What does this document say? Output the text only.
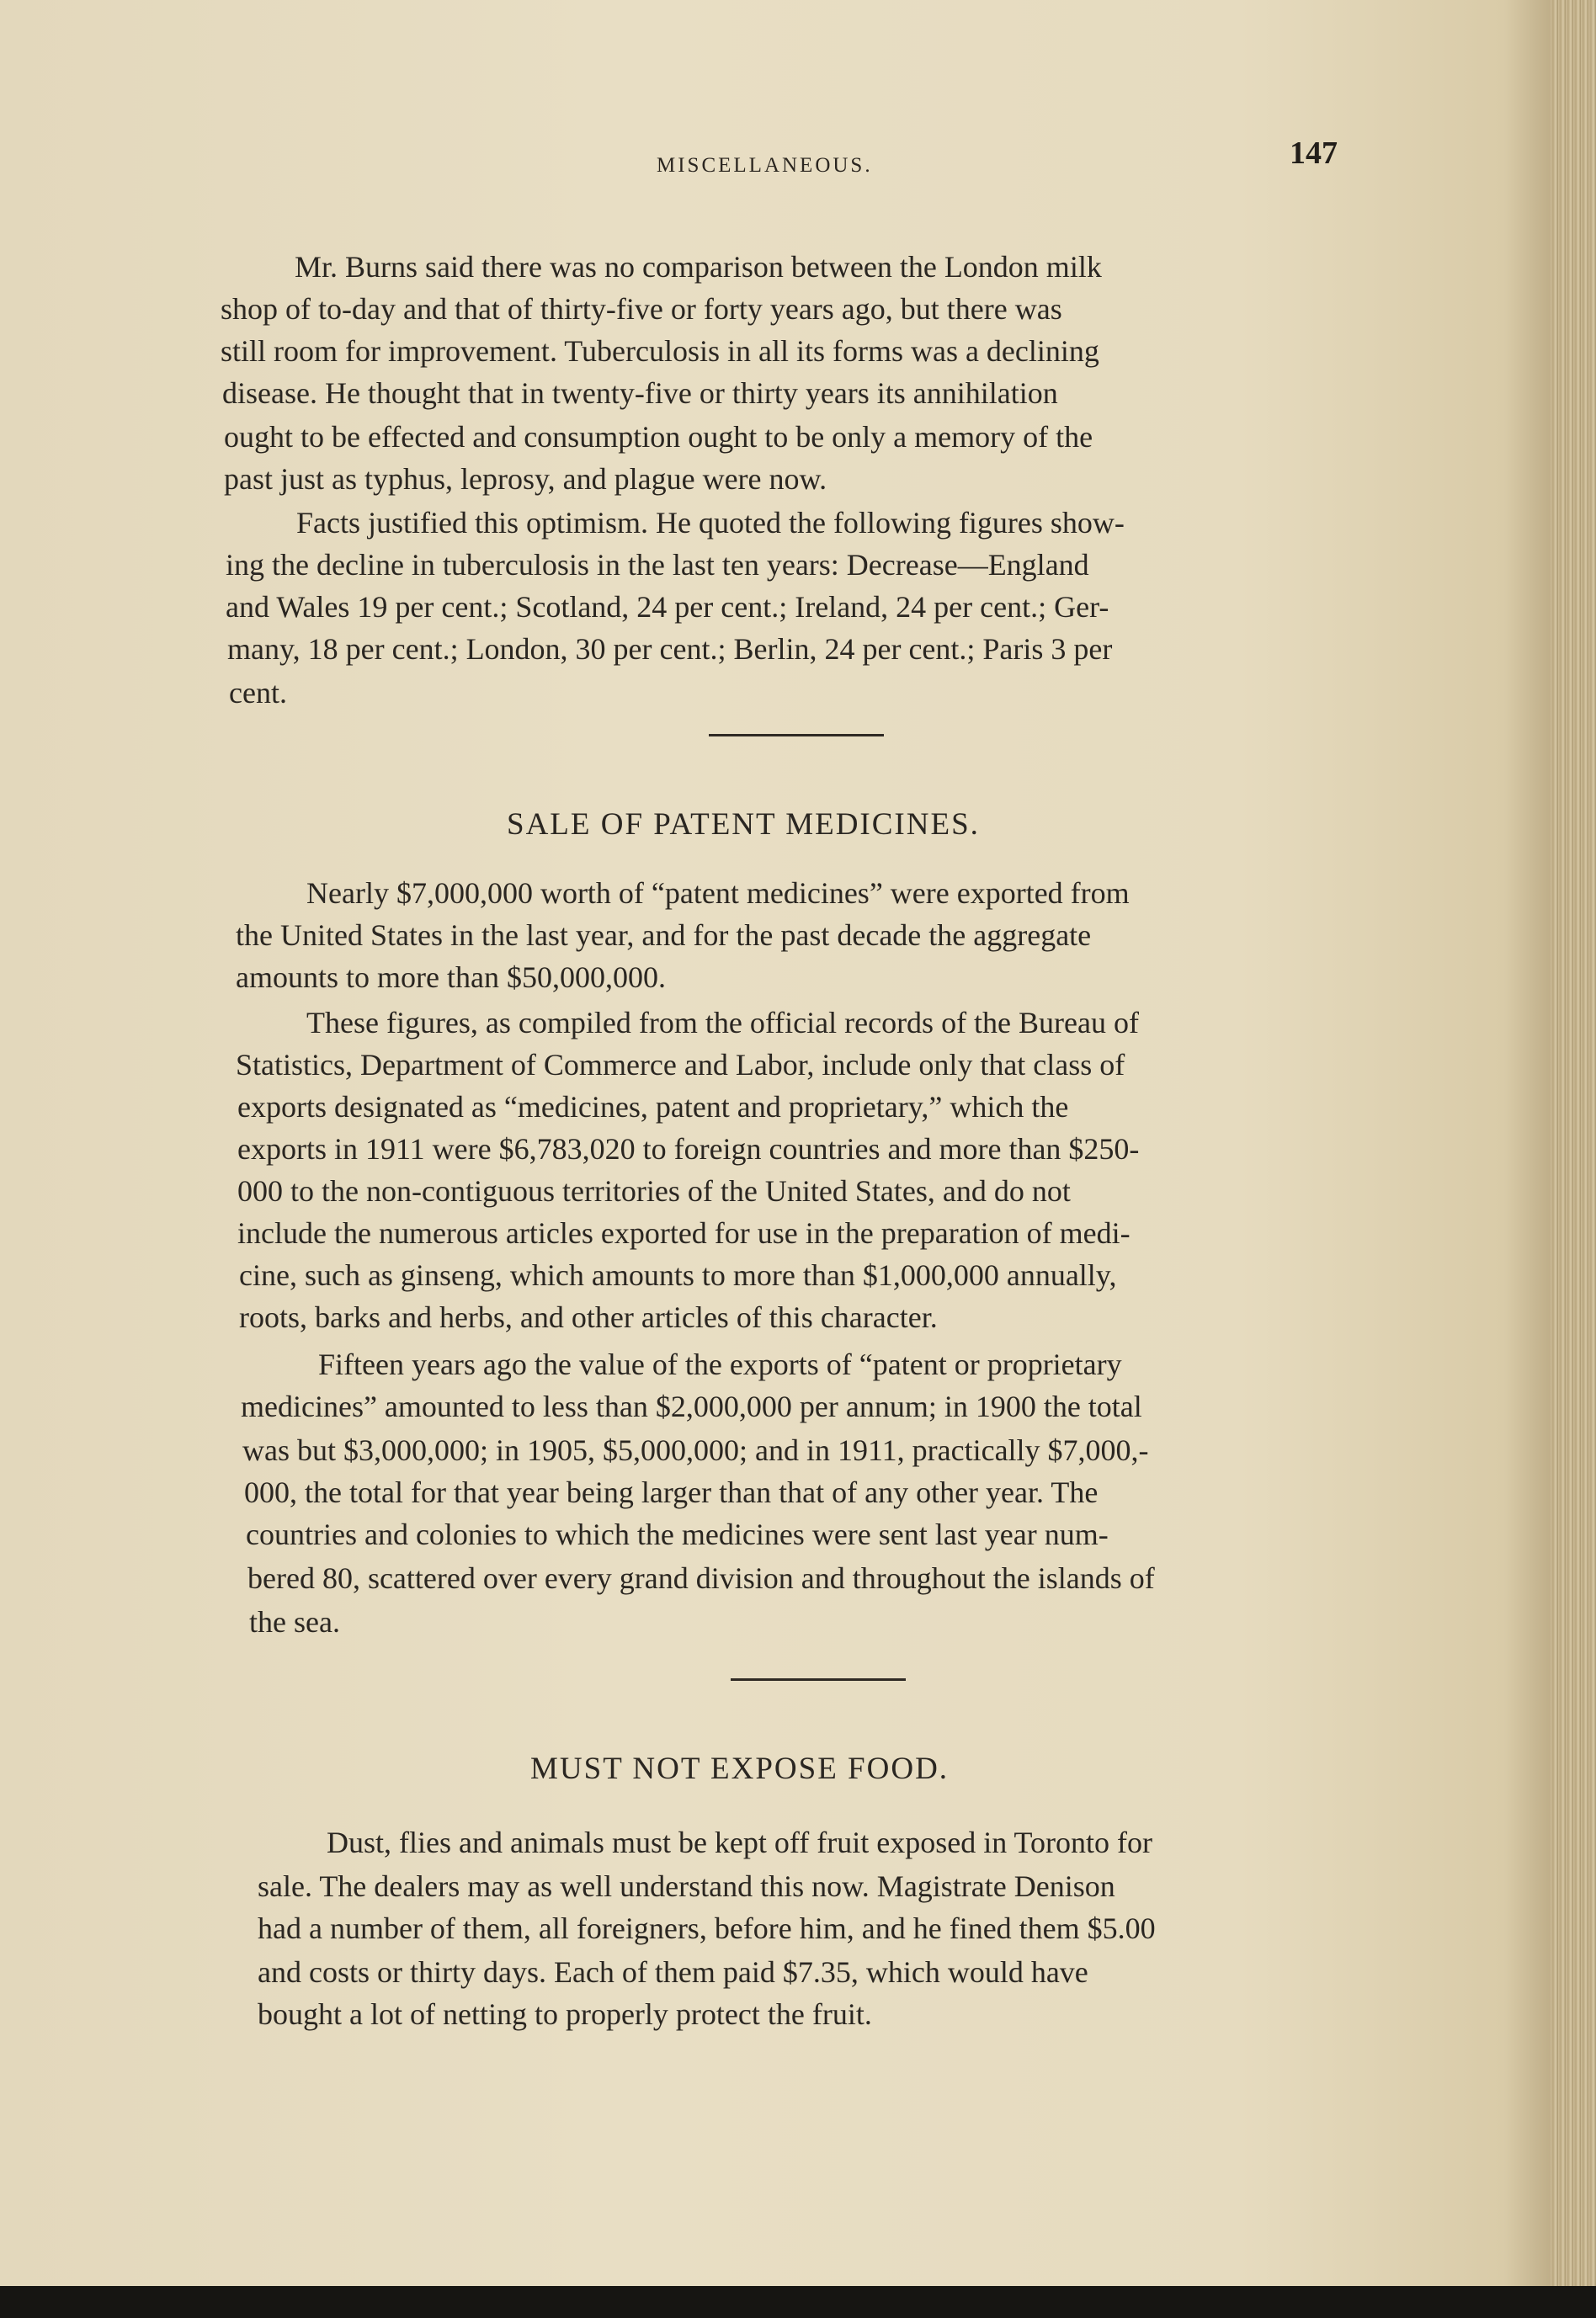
MISCELLANEOUS.	147
Mr. Burns said there was no comparison between the London milk
shop of to-day and that of thirty-five or forty years ago, but there was
still room for improvement. Tuberculosis in all its forms was a declining
disease. He thought that in twenty-five or thirty years its annihilation
ought to be effected and consumption ought to be only a memory of the
past just as typhus, leprosy, and plague were now.
Facts justified this optimism. He quoted the following figures show-
ing the decline in tuberculosis in the last ten years: Decrease—England
and Wales 19 per cent.; Scotland, 24 per cent.; Ireland, 24 per cent.; Ger-
many, 18 per cent.; London, 30 per cent.; Berlin, 24 per cent.; Paris 3 per
cent.
SALE OF PATENT MEDICINES.
Nearly $7,000,000 worth of “patent medicines” were exported from
the United States in the last year, and for the past decade the aggregate
amounts to more than $50,000,000.
These figures, as compiled from the official records of the Bureau of
Statistics, Department of Commerce and Labor, include only that class of
exports designated as “medicines, patent and proprietary,” which the
exports in 1911 were $6,783,020 to foreign countries and more than $250-
000 to the non-contiguous territories of the United States, and do not
include the numerous articles exported for use in the preparation of medi-
cine, such as ginseng, which amounts to more than $1,000,000 annually,
roots, barks and herbs, and other articles of this character.
Fifteen years ago the value of the exports of “patent or proprietary
medicines” amounted to less than $2,000,000 per annum; in 1900 the total
was but $3,000,000; in 1905, $5,000,000; and in 1911, practically $7,000,-
000, the total for that year being larger than that of any other year. The
countries and colonies to which the medicines were sent last year num-
bered 80, scattered over every grand division and throughout the islands of
the sea.
MUST NOT EXPOSE FOOD.
Dust, flies and animals must be kept off fruit exposed in Toronto for
sale. The dealers may as well understand this now. Magistrate Denison
had a number of them, all foreigners, before him, and he fined them $5.00
and costs or thirty days. Each of them paid $7.35, which would have
bought a lot of netting to properly protect the fruit.
